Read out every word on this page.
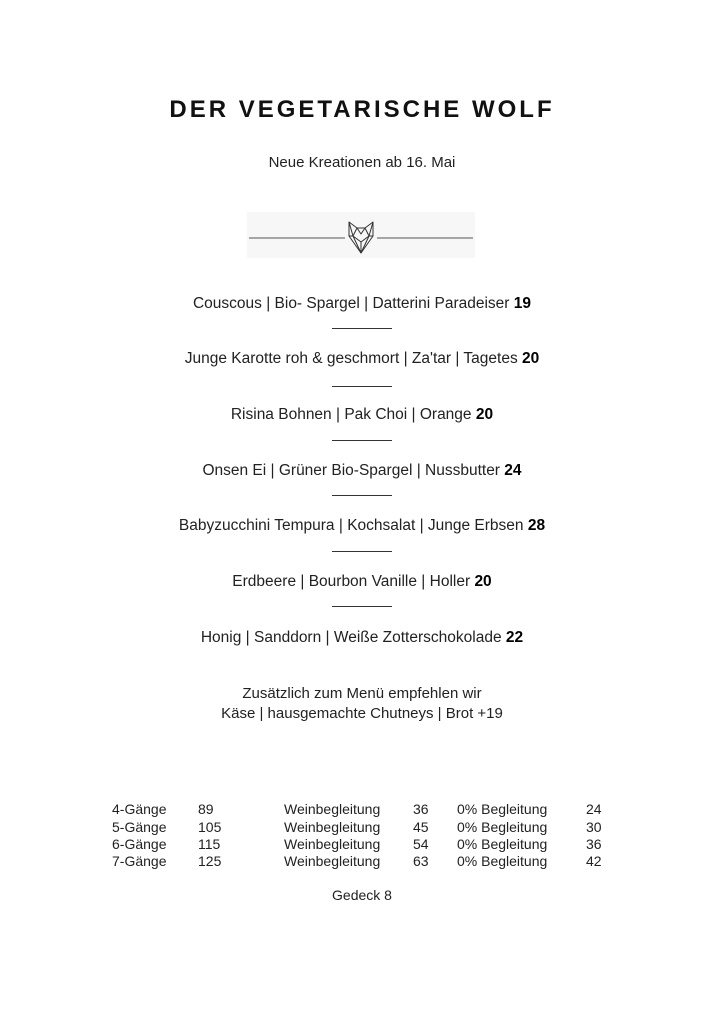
DER VEGETARISCHE WOLF
Neue Kreationen ab 16. Mai
Couscous | Bio- Spargel | Datterini Paradeiser 19
Junge Karotte roh & geschmort | Za'tar | Tagetes 20
Risina Bohnen | Pak Choi | Orange 20
Onsen Ei | Grüner Bio-Spargel | Nussbutter 24
Babyzucchini Tempura | Kochsalat | Junge Erbsen 28
Erdbeere | Bourbon Vanille | Holler 20
Honig | Sanddorn | Weiße Zotterschokolade 22
Zusätzlich zum Menü empfehlen wir
Käse | hausgemachte Chutneys | Brot +19
4-Gänge 89	Weinbegleitung 36 0% Begleitung	24
5-Gänge 105	Weinbegleitung 45 0% Begleitung	30
6-Gänge 115	Weinbegleitung 54 0% Begleitung	36
7-Gänge 125	Weinbegleitung 63 0% Begleitung	42
Gedeck 8
